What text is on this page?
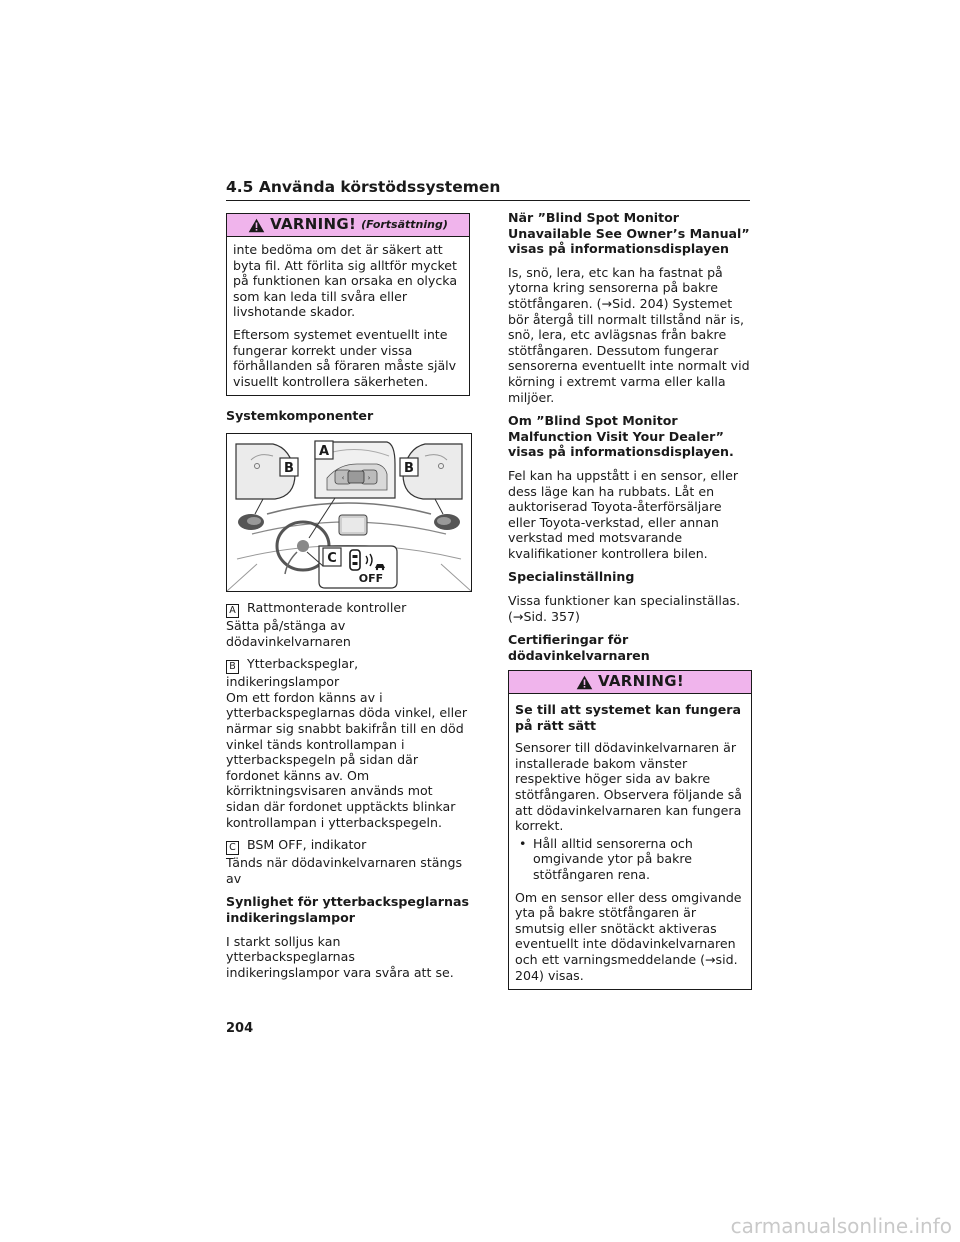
4.5 Använda körstödssystemen
VARNING! (Fortsättning)

inte bedöma om det är säkert att byta fil. Att förlita sig alltför mycket på funktionen kan orsaka en olycka som kan leda till svåra eller livshotande skador.

Eftersom systemet eventuellt inte fungerar korrekt under vissa förhållanden så föraren måste själv visuellt kontrollera säkerheten.

Systemkomponenter

B	B
‹	›
A
C
OFF

A Rattmonterade kontroller
Sätta på/stänga av dödavinkelvarnaren

B Ytterbackspeglar, indikeringslampor
Om ett fordon känns av i ytterbackspeglarnas döda vinkel, eller närmar sig snabbt bakifrån till en död vinkel tänds kontrollampan i ytterbackspegeln på sidan där fordonet känns av. Om körriktningsvisaren används mot sidan där fordonet upptäckts blinkar kontrollampan i ytterbackspegeln.

C BSM OFF, indikator
Tänds när dödavinkelvarnaren stängs av

Synlighet för ytterbackspeglarnas indikeringslampor

I starkt solljus kan ytterbackspeglarnas indikeringslampor vara svåra att se.

När ”Blind Spot Monitor Unavailable See Owner’s Manual” visas på informationsdisplayen

Is, snö, lera, etc kan ha fastnat på ytorna kring sensorerna på bakre stötfångaren. (→Sid. 204) Systemet bör återgå till normalt tillstånd när is, snö, lera, etc avlägsnas från bakre stötfångaren. Dessutom fungerar sensorerna eventuellt inte normalt vid körning i extremt varma eller kalla miljöer.

Om ”Blind Spot Monitor Malfunction Visit Your Dealer” visas på informationsdisplayen.

Fel kan ha uppstått i en sensor, eller dess läge kan ha rubbats. Låt en auktoriserad Toyota-återförsäljare eller Toyota-verkstad, eller annan verkstad med motsvarande kvalifikationer kontrollera bilen.

Specialinställning

Vissa funktioner kan specialinställas. (→Sid. 357)

Certifieringar för dödavinkelvarnaren

VARNING!

Se till att systemet kan fungera på rätt sätt

Sensorer till dödavinkelvarnaren är installerade bakom vänster respektive höger sida av bakre stötfångaren. Observera följande så att dödavinkelvarnaren kan fungera korrekt.

• Håll alltid sensorerna och omgivande ytor på bakre stötfångaren rena.

Om en sensor eller dess omgivande yta på bakre stötfångaren är smutsig eller snötäckt aktiveras eventuellt inte dödavinkelvarnaren och ett varningsmeddelande (→sid. 204) visas.

204

carmanualsonline.info
